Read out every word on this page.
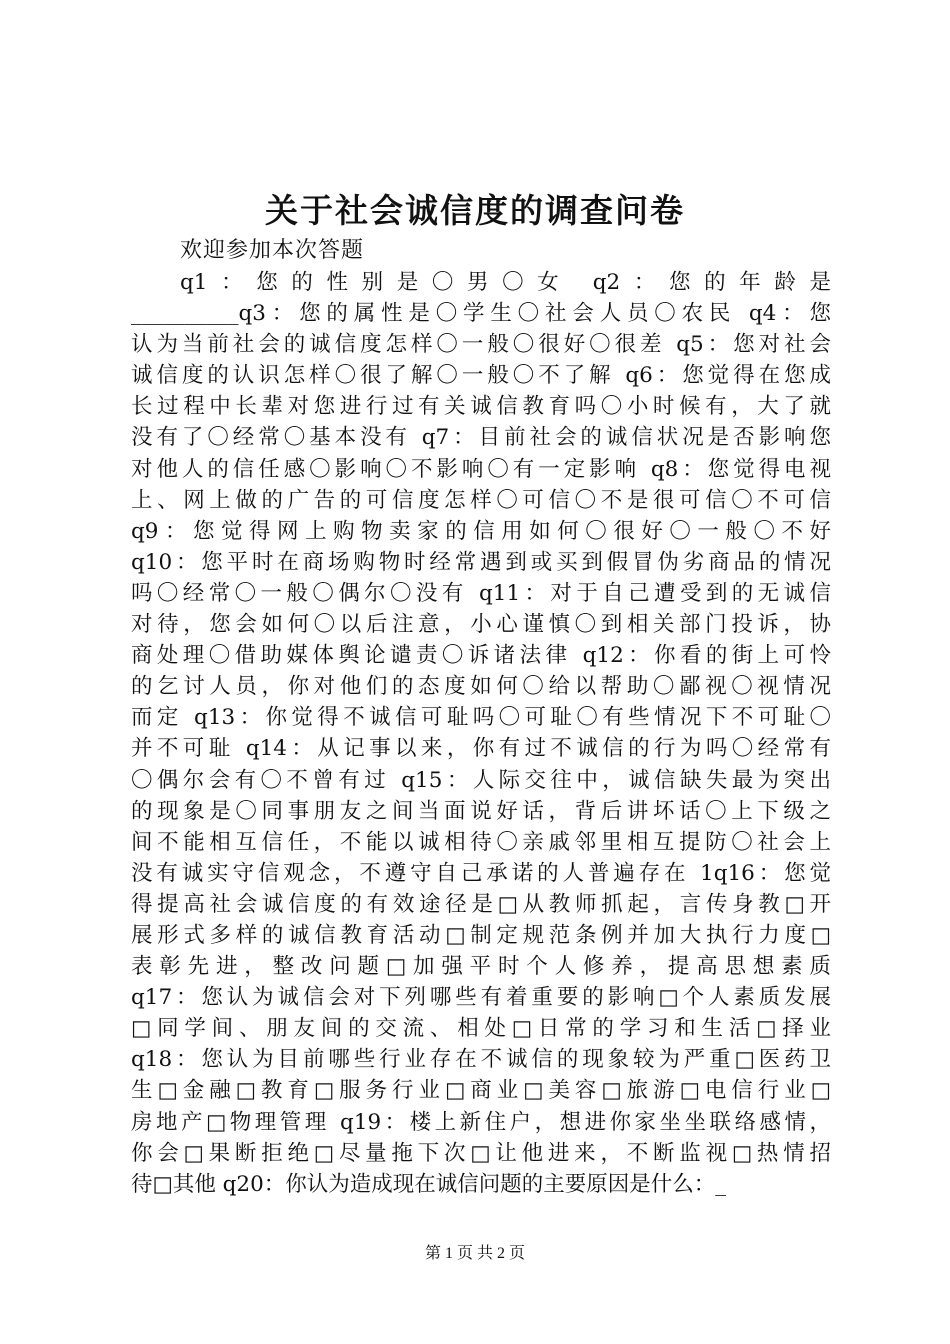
关于社会诚信度的调查问卷
欢迎参加本次答题
q1：您的性别是〇男〇女 q2：您的年龄是
__________q3：您的属性是〇学生〇社会人员〇农民 q4：您
认为当前社会的诚信度怎样〇一般〇很好〇很差 q5：您对社会
诚信度的认识怎样〇很了解〇一般〇不了解 q6：您觉得在您成
长过程中长辈对您进行过有关诚信教育吗〇小时候有，大了就
没有了〇经常〇基本没有 q7：目前社会的诚信状况是否影响您
对他人的信任感〇影响〇不影响〇有一定影响 q8：您觉得电视
上、网上做的广告的可信度怎样〇可信〇不是很可信〇不可信
q9：您觉得网上购物卖家的信用如何〇很好〇一般〇不好
q10：您平时在商场购物时经常遇到或买到假冒伪劣商品的情况
吗〇经常〇一般〇偶尔〇没有 q11：对于自己遭受到的无诚信
对待，您会如何〇以后注意，小心谨慎〇到相关部门投诉，协
商处理〇借助媒体舆论谴责〇诉诸法律 q12：你看的街上可怜
的乞讨人员，你对他们的态度如何〇给以帮助〇鄙视〇视情况
而定 q13：你觉得不诚信可耻吗〇可耻〇有些情况下不可耻〇
并不可耻 q14：从记事以来，你有过不诚信的行为吗〇经常有
〇偶尔会有〇不曾有过 q15：人际交往中，诚信缺失最为突出
的现象是〇同事朋友之间当面说好话，背后讲坏话〇上下级之
间不能相互信任，不能以诚相待〇亲戚邻里相互提防〇社会上
没有诚实守信观念，不遵守自己承诺的人普遍存在 1q16：您觉
得提高社会诚信度的有效途径是□从教师抓起，言传身教□开
展形式多样的诚信教育活动□制定规范条例并加大执行力度□
表彰先进，整改问题□加强平时个人修养，提高思想素质
q17：您认为诚信会对下列哪些有着重要的影响□个人素质发展
□同学间、朋友间的交流、相处□日常的学习和生活□择业
q18：您认为目前哪些行业存在不诚信的现象较为严重□医药卫
生□金融□教育□服务行业□商业□美容□旅游□电信行业□
房地产□物理管理 q19：楼上新住户，想进你家坐坐联络感情，
你会□果断拒绝□尽量拖下次□让他进来，不断监视□热情招
待□其他 q20：你认为造成现在诚信问题的主要原因是什么：_
第 1 页 共 2 页
